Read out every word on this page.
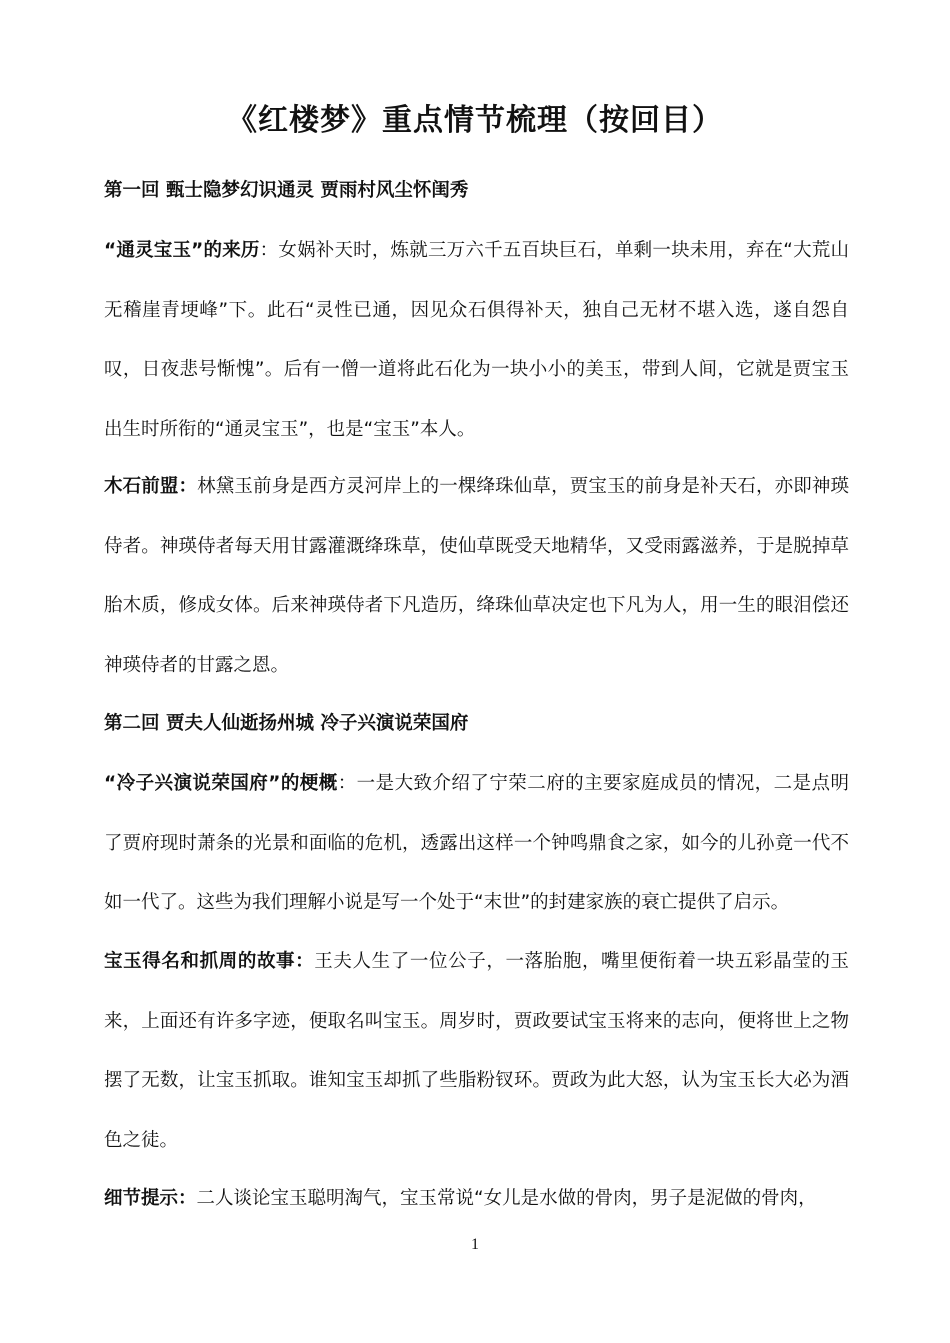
《红楼梦》重点情节梳理（按回目）
第一回 甄士隐梦幻识通灵 贾雨村风尘怀闺秀
“通灵宝玉”的来历：女娲补天时，炼就三万六千五百块巨石，单剩一块未用，弃在“大荒山无稽崖青埂峰”下。此石“灵性已通，因见众石俱得补天，独自己无材不堪入选，遂自怨自叹，日夜悲号惭愧”。后有一僧一道将此石化为一块小小的美玉，带到人间，它就是贾宝玉出生时所衔的“通灵宝玉”，也是“宝玉”本人。
木石前盟：林黛玉前身是西方灵河岸上的一棵绛珠仙草，贾宝玉的前身是补天石，亦即神瑛侍者。神瑛侍者每天用甘露灌溉绛珠草，使仙草既受天地精华，又受雨露滋养，于是脱掉草胎木质，修成女体。后来神瑛侍者下凡造历，绛珠仙草决定也下凡为人，用一生的眼泪偿还神瑛侍者的甘露之恩。
第二回 贾夫人仙逝扬州城 冷子兴演说荣国府
“冷子兴演说荣国府”的梗概：一是大致介绍了宁荣二府的主要家庭成员的情况，二是点明了贾府现时萧条的光景和面临的危机，透露出这样一个钟鸣鼎食之家，如今的儿孙竟一代不如一代了。这些为我们理解小说是写一个处于“末世”的封建家族的衰亡提供了启示。
宝玉得名和抓周的故事：王夫人生了一位公子，一落胎胞，嘴里便衔着一块五彩晶莹的玉来，上面还有许多字迹，便取名叫宝玉。周岁时，贾政要试宝玉将来的志向，便将世上之物摆了无数，让宝玉抓取。谁知宝玉却抓了些脂粉钗环。贾政为此大怒，认为宝玉长大必为酒色之徒。
细节提示：二人谈论宝玉聪明淘气，宝玉常说“女儿是水做的骨肉，男子是泥做的骨肉，
1
